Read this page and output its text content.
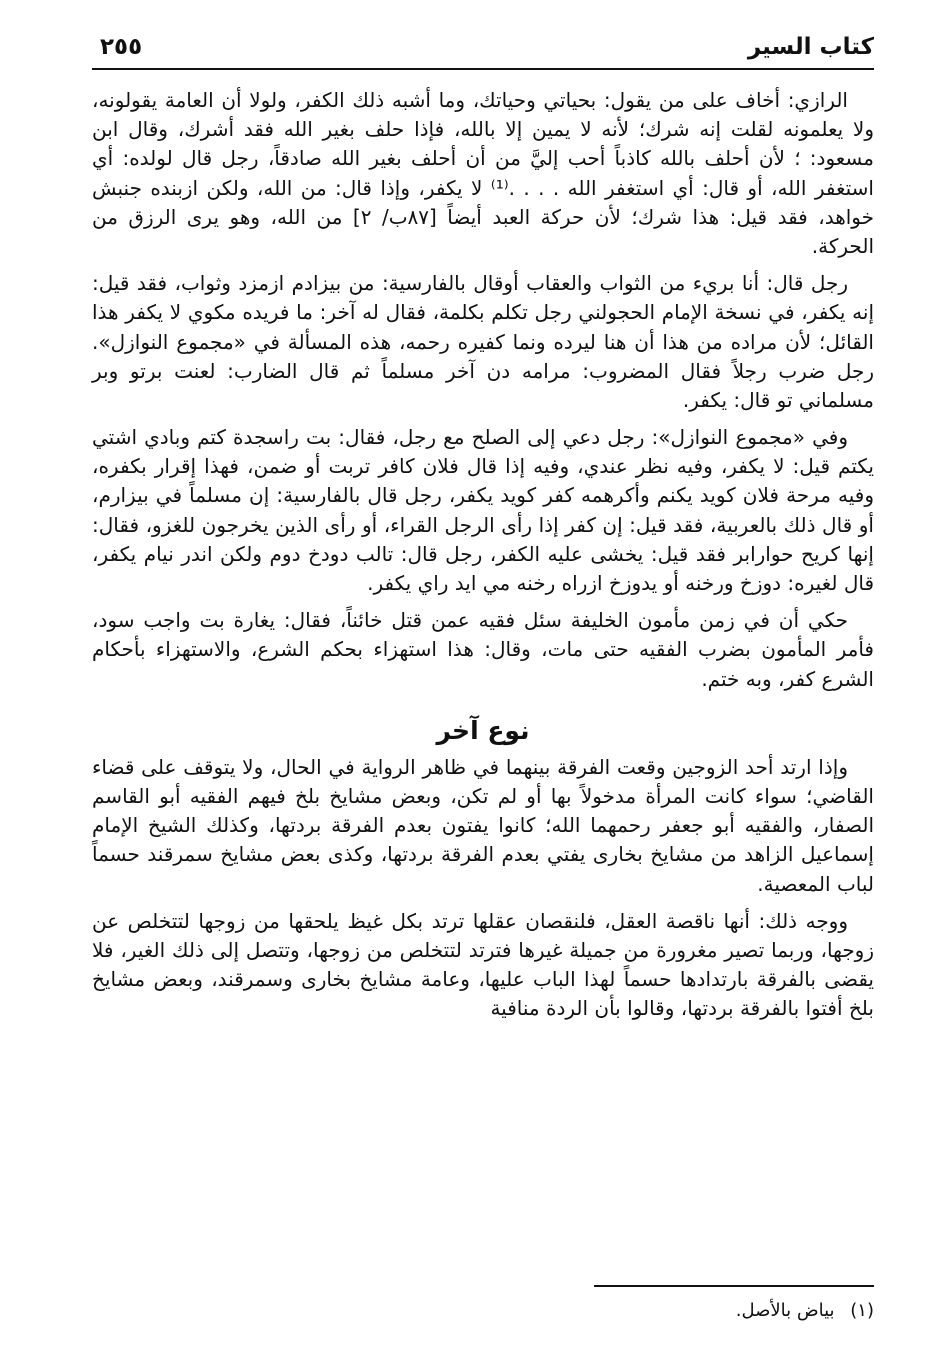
كتاب السير
٢٥٥

الرازي: أخاف على من يقول: بحياتي وحياتك، وما أشبه ذلك الكفر، ولولا أن العامة يقولونه، ولا يعلمونه لقلت إنه شرك؛ لأنه لا يمين إلا بالله، فإذا حلف بغير الله فقد أشرك، وقال ابن مسعود: ؛ لأن أحلف بالله كاذباً أحب إليَّ من أن أحلف بغير الله صادقاً، رجل قال لولده: أي استغفر الله، أو قال: أي استغفر الله . . . .⁽¹⁾ لا يكفر، وإذا قال: من الله، ولكن ازبنده جنبش خواهد، فقد قيل: هذا شرك؛ لأن حركة العبد أيضاً [٨٧ب/ ٢] من الله، وهو يرى الرزق من الحركة.

رجل قال: أنا بريء من الثواب والعقاب أوقال بالفارسية: من بيزادم ازمزد وثواب، فقد قيل: إنه يكفر، في نسخة الإمام الحجولني رجل تكلم بكلمة، فقال له آخر: ما فريده مكوي لا يكفر هذا القائل؛ لأن مراده من هذا أن هنا ليرده ونما كفيره رحمه، هذه المسألة في «مجموع النوازل». رجل ضرب رجلاً فقال المضروب: مرامه دن آخر مسلماً ثم قال الضارب: لعنت برتو وبر مسلماني تو قال: يكفر.

وفي «مجموع النوازل»: رجل دعي إلى الصلح مع رجل، فقال: بت راسجدة كتم وبادي اشتي يكتم قيل: لا يكفر، وفيه نظر عندي، وفيه إذا قال فلان كافر تربت أو ضمن، فهذا إقرار بكفره، وفيه مرحة فلان كويد يكنم وأكرهمه كفر كويد يكفر، رجل قال بالفارسية: إن مسلماً في بيزارم، أو قال ذلك بالعربية، فقد قيل: إن كفر إذا رأى الرجل القراء، أو رأى الذين يخرجون للغزو، فقال: إنها كريح حوارابر فقد قيل: يخشى عليه الكفر، رجل قال: تالب دودخ دوم ولكن اندر نيام يكفر، قال لغيره: دوزخ ورخنه أو يدوزخ ازراه رخنه مي ايد راي يكفر.

حكي أن في زمن مأمون الخليفة سئل فقيه عمن قتل خائناً، فقال: يغارة بت واجب سود، فأمر المأمون بضرب الفقيه حتى مات، وقال: هذا استهزاء بحكم الشرع، والاستهزاء بأحكام الشرع كفر، وبه ختم.

نوع آخر

وإذا ارتد أحد الزوجين وقعت الفرقة بينهما في ظاهر الرواية في الحال، ولا يتوقف على قضاء القاضي؛ سواء كانت المرأة مدخولاً بها أو لم تكن، وبعض مشايخ بلخ فيهم الفقيه أبو القاسم الصفار، والفقيه أبو جعفر رحمهما الله؛ كانوا يفتون بعدم الفرقة بردتها، وكذلك الشيخ الإمام إسماعيل الزاهد من مشايخ بخارى يفتي بعدم الفرقة بردتها، وكذى بعض مشايخ سمرقند حسماً لباب المعصية.

ووجه ذلك: أنها ناقصة العقل، فلنقصان عقلها ترتد بكل غيظ يلحقها من زوجها لتتخلص عن زوجها، وربما تصير مغرورة من جميلة غيرها فترتد لتتخلص من زوجها، وتتصل إلى ذلك الغير، فلا يقضى بالفرقة بارتدادها حسماً لهذا الباب عليها، وعامة مشايخ بخارى وسمرقند، وبعض مشايخ بلخ أفتوا بالفرقة بردتها، وقالوا بأن الردة منافية

(١) بياض بالأصل.
